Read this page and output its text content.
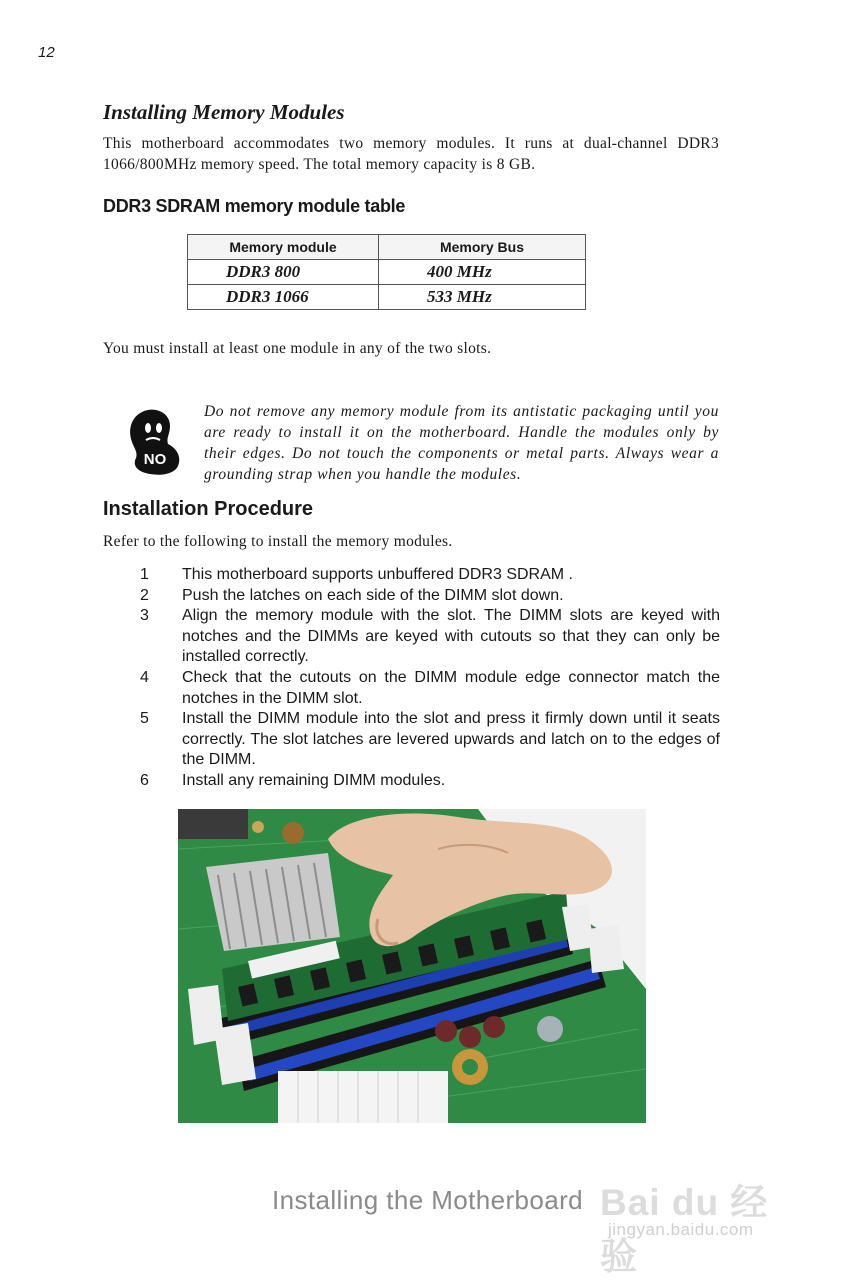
12
Installing Memory Modules
This motherboard accommodates two memory modules. It runs at dual-channel DDR3 1066/800MHz memory speed. The total memory capacity is 8 GB.
DDR3 SDRAM memory module table
Memory module	Memory Bus
DDR3 800	400 MHz
DDR3 1066	533 MHz
You must install at least one module in any of the two slots.
NO
Do not remove any memory module from its antistatic packaging until you are ready to install it on the motherboard. Handle the modules only by their edges. Do not touch the components or metal parts. Always wear a grounding strap when you handle the modules.
Installation Procedure
Refer to the following to install the memory modules.
1 This motherboard supports unbuffered DDR3 SDRAM .
2 Push the latches on each side of the DIMM slot down.
3 Align the memory module with the slot. The DIMM slots are keyed with notches and the DIMMs are keyed with cutouts so that they can only be installed correctly.
4 Check that the cutouts on the DIMM module edge connector match the notches in the DIMM slot.
5 Install the DIMM module into the slot and press it firmly down until it seats correctly. The slot latches are levered upwards and latch on to the edges of the DIMM.
6 Install any remaining DIMM modules.
Installing the Motherboard Bai du 经验
jingyan.baidu.com
